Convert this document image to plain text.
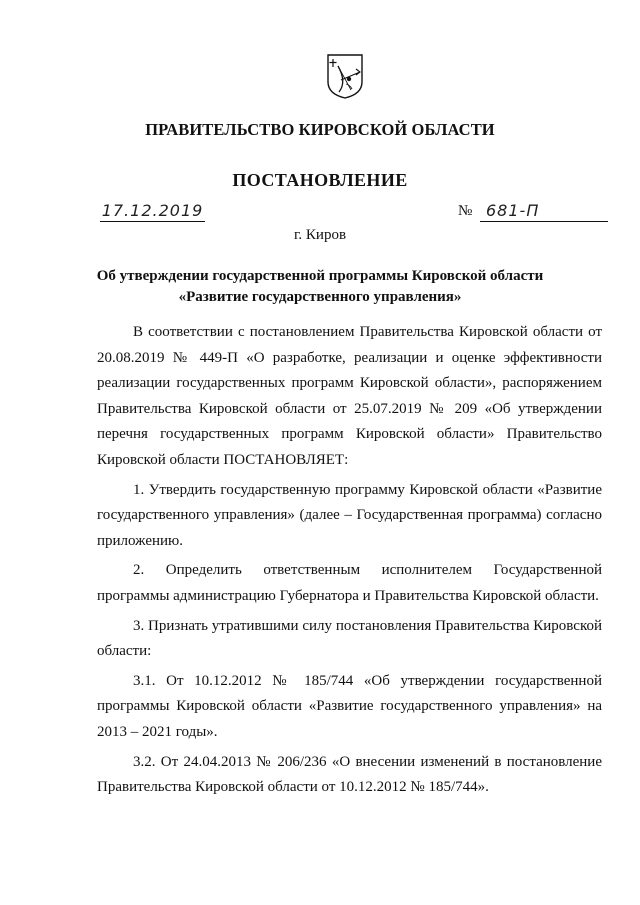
ПРАВИТЕЛЬСТВО КИРОВСКОЙ ОБЛАСТИ
ПОСТАНОВЛЕНИЕ
17.12.2019	№ 681-П
г. Киров
Об утверждении государственной программы Кировской области
«Развитие государственного управления»

В соответствии с постановлением Правительства Кировской области от 20.08.2019 № 449-П «О разработке, реализации и оценке эффективности реализации государственных программ Кировской области», распоряжением Правительства Кировской области от 25.07.2019 № 209 «Об утверждении перечня государственных программ Кировской области» Правительство Кировской области ПОСТАНОВЛЯЕТ:

1. Утвердить государственную программу Кировской области «Развитие государственного управления» (далее – Государственная программа) согласно приложению.

2. Определить ответственным исполнителем Государственной программы администрацию Губернатора и Правительства Кировской области.

3. Признать утратившими силу постановления Правительства Кировской области:

3.1. От 10.12.2012 № 185/744 «Об утверждении государственной программы Кировской области «Развитие государственного управления» на 2013 – 2021 годы».

3.2. От 24.04.2013 № 206/236 «О внесении изменений в постановление Правительства Кировской области от 10.12.2012 № 185/744».
